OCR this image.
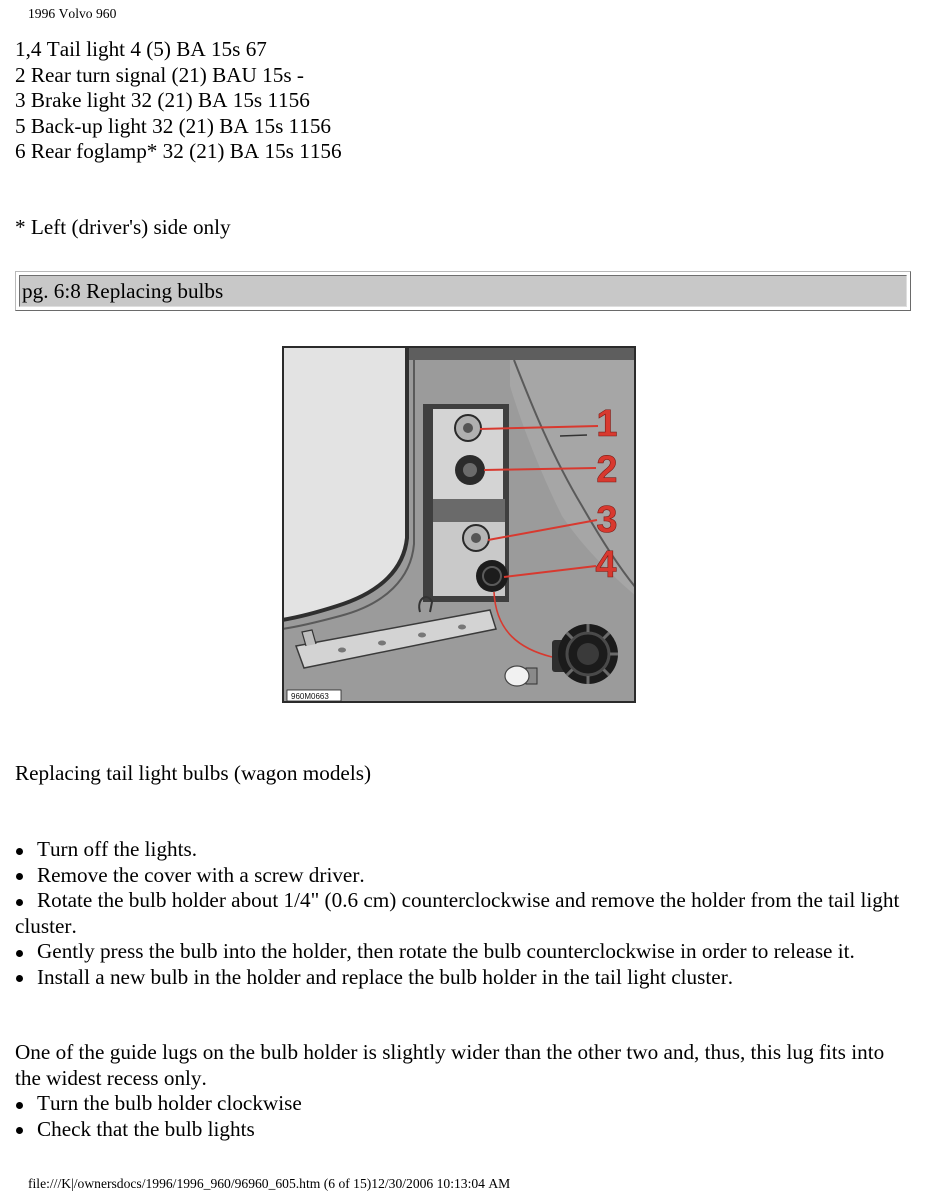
1996 Volvo 960
1,4 Tail light 4 (5) BA 15s 67
2 Rear turn signal (21) BAU 15s -
3 Brake light 32 (21) BA 15s 1156
5 Back-up light 32 (21) BA 15s 1156
6 Rear foglamp* 32 (21) BA 15s 1156
* Left (driver's) side only
pg. 6:8 Replacing bulbs
1
2
3
4
960M0663
Replacing tail light bulbs (wagon models)
Turn off the lights.
Remove the cover with a screw driver.
Rotate the bulb holder about 1/4" (0.6 cm) counterclockwise and remove the holder from the tail light cluster.
Gently press the bulb into the holder, then rotate the bulb counterclockwise in order to release it.
Install a new bulb in the holder and replace the bulb holder in the tail light cluster.
One of the guide lugs on the bulb holder is slightly wider than the other two and, thus, this lug fits into the widest recess only.
Turn the bulb holder clockwise
Check that the bulb lights
file:///K|/ownersdocs/1996/1996_960/96960_605.htm (6 of 15)12/30/2006 10:13:04 AM
